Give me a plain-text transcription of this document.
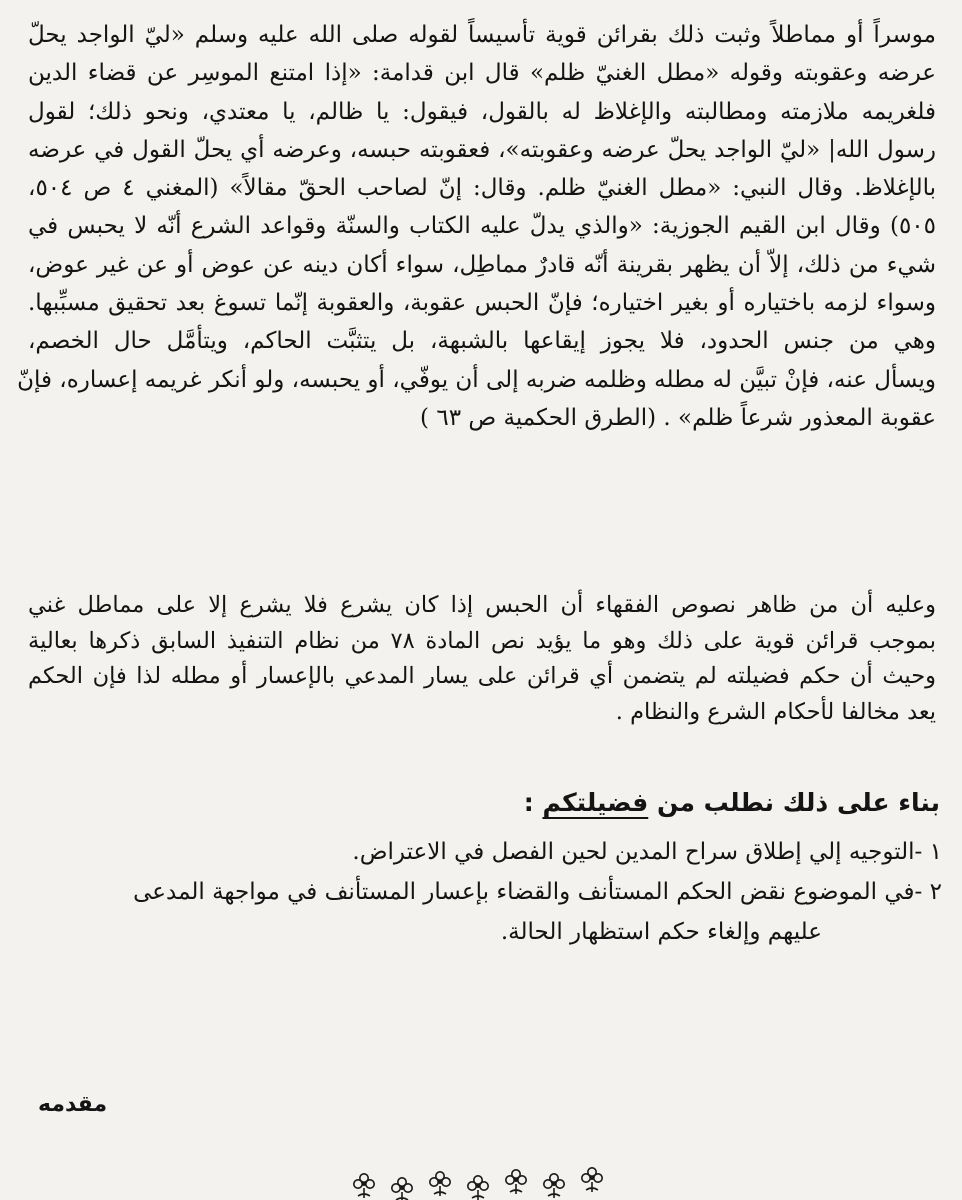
موسراً أو مماطلاً وثبت ذلك بقرائن قوية تأسيساً لقوله صلى الله عليه وسلم «ليّ الواجد يحلّ
عرضه وعقوبته وقوله «مطل الغنيّ ظلم» قال ابن قدامة: «إذا امتنع الموسِر عن قضاء الدين
فلغريمه ملازمته ومطالبته والإغلاظ له بالقول، فيقول: يا ظالم، يا معتدي، ونحو ذلك؛ لقول
رسول الله| «ليّ الواجد يحلّ عرضه وعقوبته»، فعقوبته حبسه، وعرضه أي يحلّ القول في عرضه
بالإغلاظ. وقال النبي: «مطل الغنيّ ظلم. وقال: إنّ لصاحب الحقّ مقالاً» (المغني ٤ ص ٥٠٤،
٥٠٥) وقال ابن القيم الجوزية: «والذي يدلّ عليه الكتاب والسنّة وقواعد الشرع أنّه لا يحبس في
شيء من ذلك، إلاّ أن يظهر بقرينة أنّه قادرٌ مماطِل، سواء أكان دينه عن عوض أو عن غير عوض،
وسواء لزمه باختياره أو بغير اختياره؛ فإنّ الحبس عقوبة، والعقوبة إنّما تسوغ بعد تحقيق مسبِّبها.
وهي من جنس الحدود، فلا يجوز إيقاعها بالشبهة، بل يتثبَّت الحاكم، ويتأمَّل حال الخصم،
ويسأل عنه، فإنْ تبيَّن له مطله وظلمه ضربه إلى أن يوفّي، أو يحبسه، ولو أنكر غريمه إعساره، فإنّ
عقوبة المعذور شرعاً ظلم» . (الطرق الحكمية ص ٦٣ )
وعليه أن من ظاهر نصوص الفقهاء أن الحبس إذا كان يشرع فلا يشرع إلا على مماطل غني
بموجب قرائن قوية على ذلك وهو ما يؤيد نص المادة ٧٨ من نظام التنفيذ السابق ذكرها بعالية
وحيث أن حكم فضيلته لم يتضمن أي قرائن على يسار المدعي بالإعسار أو مطله لذا فإن الحكم
يعد مخالفا لأحكام الشرع والنظام .
بناء على ذلك نطلب من فضيلتكم :
١ -التوجيه إلي إطلاق سراح المدين لحين الفصل في الاعتراض.
٢ -في الموضوع نقض الحكم المستأنف والقضاء بإعسار المستأنف في مواجهة المدعى
عليهم وإلغاء حكم استظهار الحالة.
مقدمه
